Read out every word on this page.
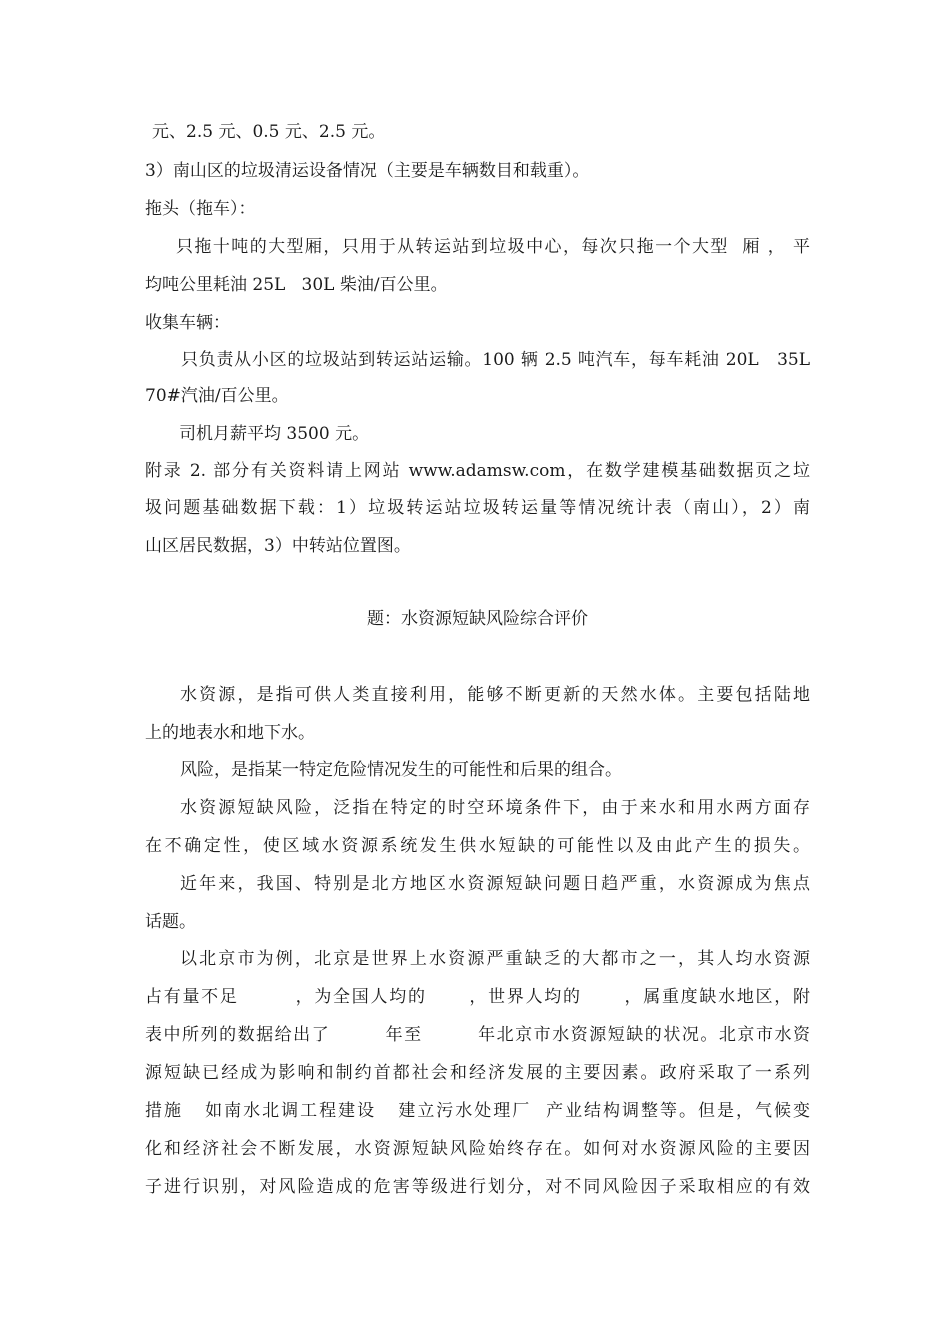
元、2.5 元、0.5 元、2.5 元。
3）南山区的垃圾清运设备情况（主要是车辆数目和载重）。
拖头（拖车）：
只拖十吨的大型厢，只用于从转运站到垃圾中心，每次只拖一个大型  厢 ， 平
均吨公里耗油 25L   30L 柴油/百公里。
收集车辆：
只负责从小区的垃圾站到转运站运输。100 辆 2.5 吨汽车，每车耗油 20L   35L
70#汽油/百公里。
司机月薪平均 3500 元。
附录 2. 部分有关资料请上网站 www.adamsw.com，在数学建模基础数据页之垃
圾问题基础数据下载：1）垃圾转运站垃圾转运量等情况统计表（南山），2）南
山区居民数据，3）中转站位置图。
题：水资源短缺风险综合评价
水资源，是指可供人类直接利用，能够不断更新的天然水体。主要包括陆地
上的地表水和地下水。
风险，是指某一特定危险情况发生的可能性和后果的组合。
水资源短缺风险，泛指在特定的时空环境条件下，由于来水和用水两方面存
在不确定性，使区域水资源系统发生供水短缺的可能性以及由此产生的损失。
近年来，我国、特别是北方地区水资源短缺问题日趋严重，水资源成为焦点
话题。
以北京市为例，北京是世界上水资源严重缺乏的大都市之一，其人均水资源
占有量不足        ，为全国人均的      ，世界人均的      ，属重度缺水地区，附
表中所列的数据给出了        年至        年北京市水资源短缺的状况。北京市水资
源短缺已经成为影响和制约首都社会和经济发展的主要因素。政府采取了一系列
措施   如南水北调工程建设   建立污水处理厂  产业结构调整等。但是，气候变
化和经济社会不断发展，水资源短缺风险始终存在。如何对水资源风险的主要因
子进行识别，对风险造成的危害等级进行划分，对不同风险因子采取相应的有效
